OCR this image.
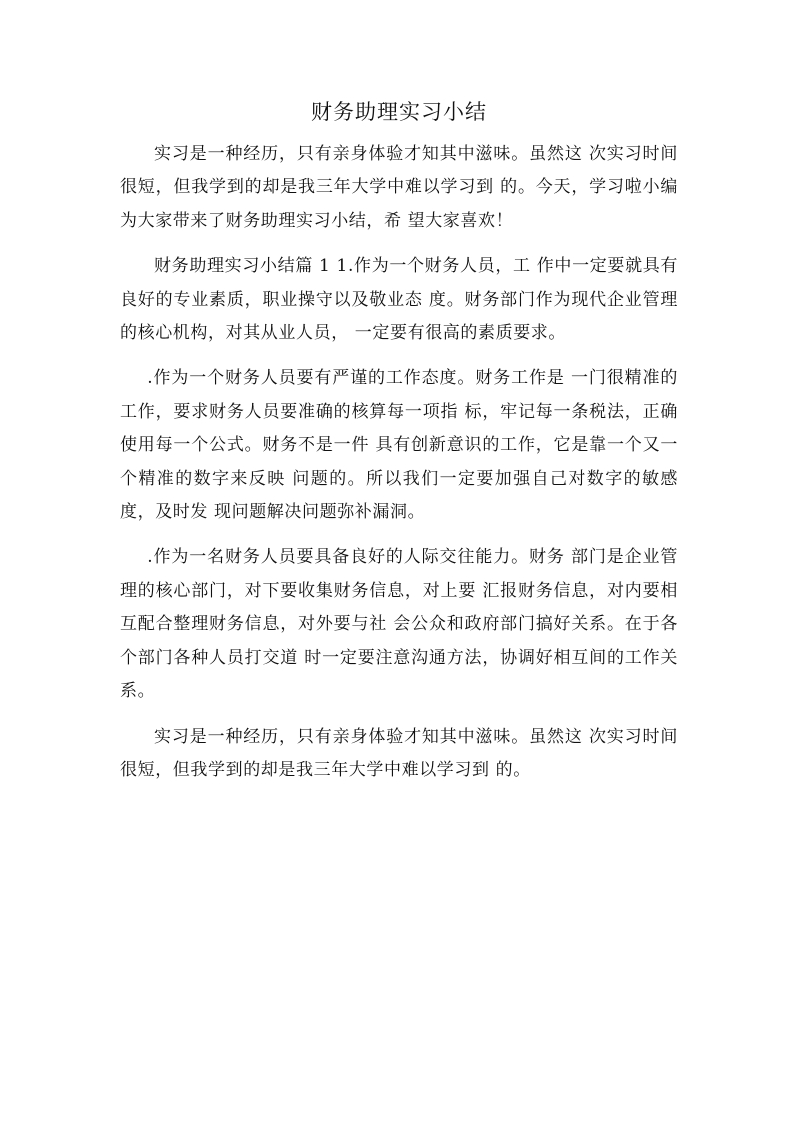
财务助理实习小结

实习是一种经历，只有亲身体验才知其中滋味。虽然这 次实习时间很短，但我学到的却是我三年大学中难以学习到 的。今天，学习啦小编为大家带来了财务助理实习小结，希 望大家喜欢！

财务助理实习小结篇 1 1.作为一个财务人员，工 作中一定要就具有良好的专业素质，职业操守以及敬业态 度。财务部门作为现代企业管理的核心机构，对其从业人员， 一定要有很高的素质要求。

.作为一个财务人员要有严谨的工作态度。财务工作是 一门很精准的工作，要求财务人员要准确的核算每一项指 标，牢记每一条税法，正确使用每一个公式。财务不是一件 具有创新意识的工作，它是靠一个又一个精准的数字来反映 问题的。所以我们一定要加强自己对数字的敏感度，及时发 现问题解决问题弥补漏洞。

.作为一名财务人员要具备良好的人际交往能力。财务 部门是企业管理的核心部门，对下要收集财务信息，对上要 汇报财务信息，对内要相互配合整理财务信息，对外要与社 会公众和政府部门搞好关系。在于各个部门各种人员打交道 时一定要注意沟通方法，协调好相互间的工作关系。

实习是一种经历，只有亲身体验才知其中滋味。虽然这 次实习时间很短，但我学到的却是我三年大学中难以学习到 的。
